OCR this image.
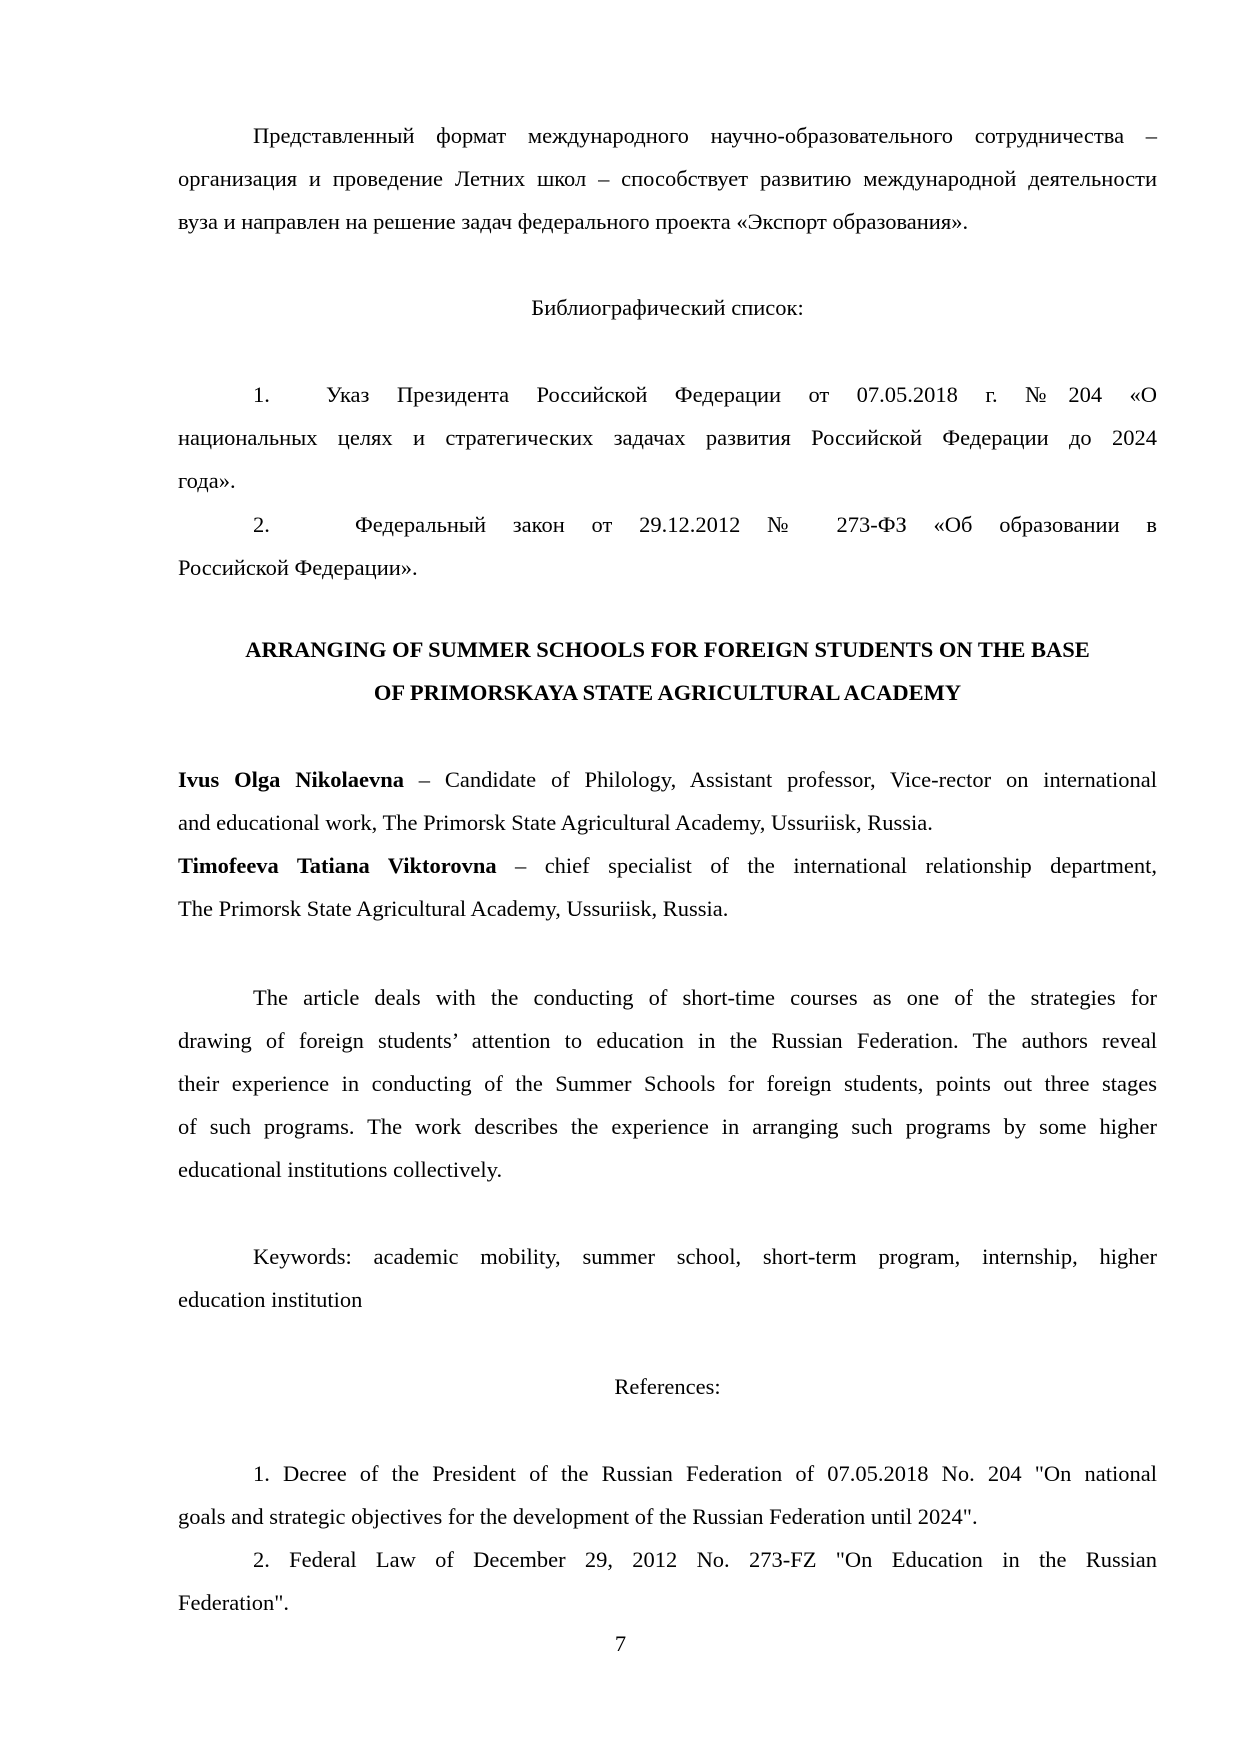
Представленный формат международного научно-образовательного сотрудничества –
организация и проведение Летних школ – способствует развитию международной деятельности
вуза и направлен на решение задач федерального проекта «Экспорт образования».
Библиографический список:
1.	Указ Президента Российской Федерации от 07.05.2018 г. №204 «О
национальных целях и стратегических задачах развития Российской Федерации до 2024
года».
2.	Федеральный закон от 29.12.2012 № 273-ФЗ «Об образовании в
Российской Федерации».
ARRANGING OF SUMMER SCHOOLS FOR FOREIGN STUDENTS ON THE BASE
OF PRIMORSKAYA STATE AGRICULTURAL ACADEMY
Ivus Olga Nikolaevna – Candidate of Philology, Assistant professor, Vice-rector on international
and educational work, The Primorsk State Agricultural Academy, Ussuriisk, Russia.
Timofeeva Tatiana Viktorovna – chief specialist of the international relationship department,
The Primorsk State Agricultural Academy, Ussuriisk, Russia.
The article deals with the conducting of short-time courses as one of the strategies for
drawing of foreign students’ attention to education in the Russian Federation. The authors reveal
their experience in conducting of the Summer Schools for foreign students, points out three stages
of such programs. The work describes the experience in arranging such programs by some higher
educational institutions collectively.
Keywords: academic mobility, summer school, short-term program, internship, higher
education institution
References:
1. Decree of the President of the Russian Federation of 07.05.2018 No. 204 "On national
goals and strategic objectives for the development of the Russian Federation until 2024".
2. Federal Law of December 29, 2012 No. 273-FZ "On Education in the Russian
Federation".
7
